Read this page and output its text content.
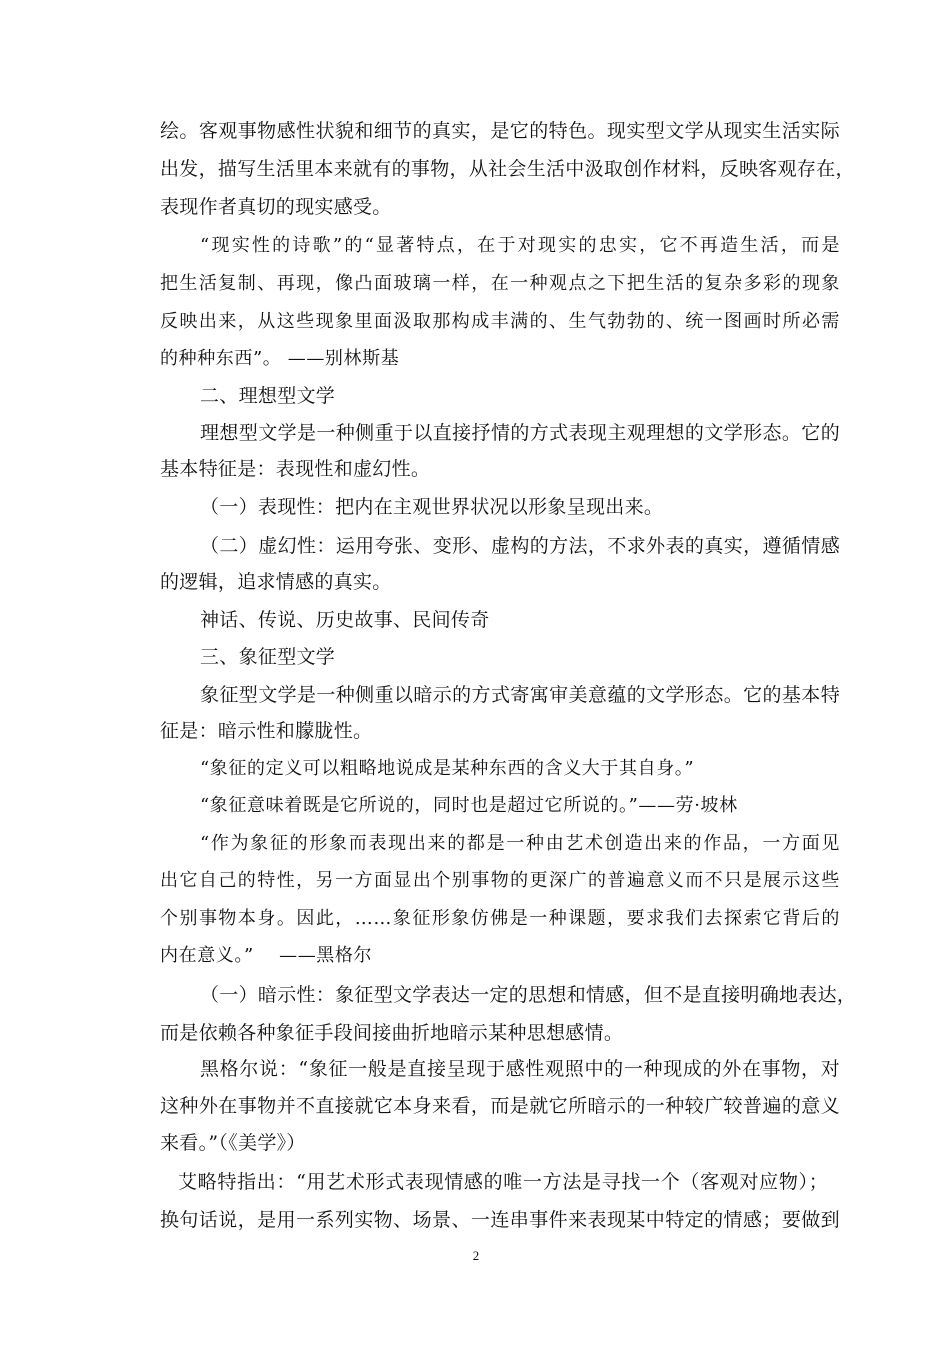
绘。客观事物感性状貌和细节的真实，是它的特色。现实型文学从现实生活实际
出发，描写生活里本来就有的事物，从社会生活中汲取创作材料，反映客观存在，
表现作者真切的现实感受。
“现实性的诗歌”的“显著特点，在于对现实的忠实，它不再造生活，而是
把生活复制、再现，像凸面玻璃一样，在一种观点之下把生活的复杂多彩的现象
反映出来，从这些现象里面汲取那构成丰满的、生气勃勃的、统一图画时所必需
的种种东西”。 ——别林斯基
二、理想型文学
理想型文学是一种侧重于以直接抒情的方式表现主观理想的文学形态。它的
基本特征是：表现性和虚幻性。
（一）表现性：把内在主观世界状况以形象呈现出来。
（二）虚幻性：运用夸张、变形、虚构的方法，不求外表的真实，遵循情感
的逻辑，追求情感的真实。
神话、传说、历史故事、民间传奇
三、象征型文学
象征型文学是一种侧重以暗示的方式寄寓审美意蕴的文学形态。它的基本特
征是：暗示性和朦胧性。
“象征的定义可以粗略地说成是某种东西的含义大于其自身。”
“象征意味着既是它所说的，同时也是超过它所说的。”——劳·坡林
“作为象征的形象而表现出来的都是一种由艺术创造出来的作品，一方面见
出它自己的特性，另一方面显出个别事物的更深广的普遍意义而不只是展示这些
个别事物本身。因此，……象征形象仿佛是一种课题，要求我们去探索它背后的
内在意义。”    ——黑格尔
（一）暗示性：象征型文学表达一定的思想和情感，但不是直接明确地表达，
而是依赖各种象征手段间接曲折地暗示某种思想感情。
黑格尔说：“象征一般是直接呈现于感性观照中的一种现成的外在事物，对
这种外在事物并不直接就它本身来看，而是就它所暗示的一种较广较普遍的意义
来看。”（《美学》）
艾略特指出：“用艺术形式表现情感的唯一方法是寻找一个（客观对应物）；
换句话说，是用一系列实物、场景、一连串事件来表现某中特定的情感；要做到
2
